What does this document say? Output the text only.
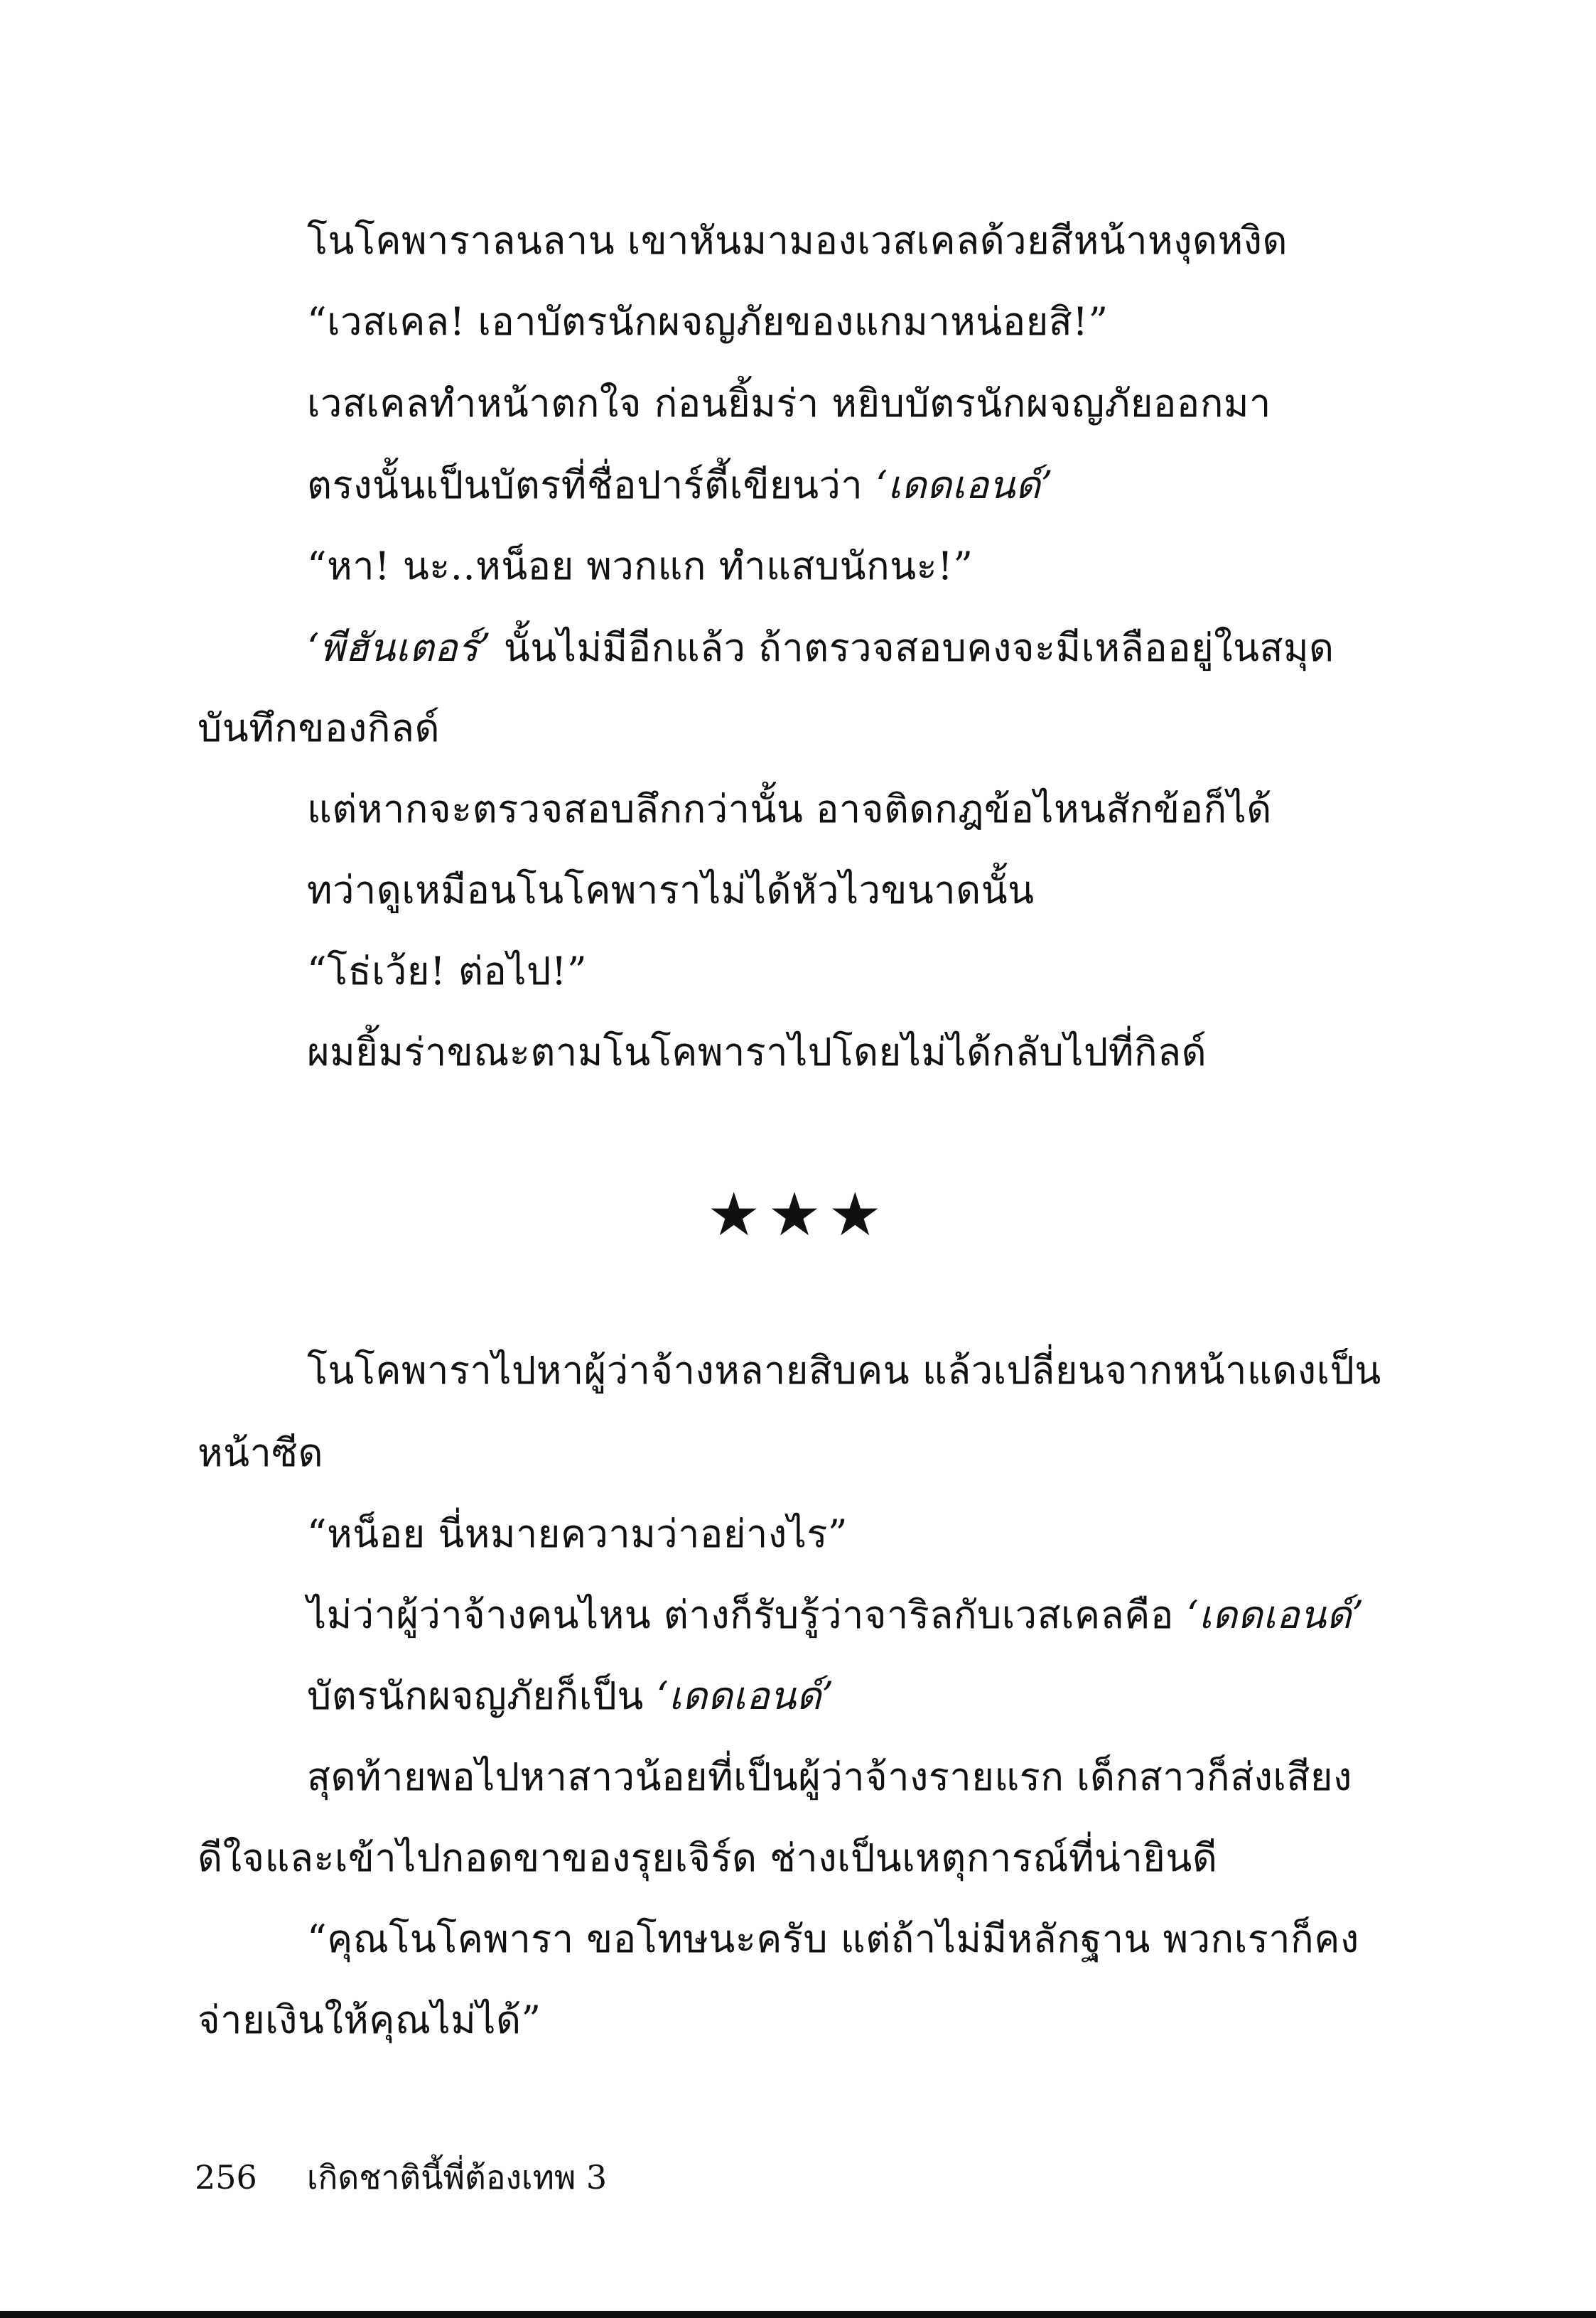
โนโคพาราลนลาน เขาหันมามองเวสเคลด้วยสีหน้าหงุดหงิด
“เวสเคล! เอาบัตรนักผจญภัยของแกมาหน่อยสิ!”
เวสเคลทำหน้าตกใจ ก่อนยิ้มร่า หยิบบัตรนักผจญภัยออกมา
ตรงนั้นเป็นบัตรที่ชื่อปาร์ตี้เขียนว่า ‘เดดเอนด์’
“หา! นะ..หน็อย พวกแก ทำแสบนักนะ!”
‘พีฮันเตอร์’ นั้นไม่มีอีกแล้ว ถ้าตรวจสอบคงจะมีเหลืออยู่ในสมุด
บันทึกของกิลด์
แต่หากจะตรวจสอบลึกกว่านั้น อาจติดกฎข้อไหนสักข้อก็ได้
ทว่าดูเหมือนโนโคพาราไม่ได้หัวไวขนาดนั้น
“โธ่เว้ย! ต่อไป!”
ผมยิ้มร่าขณะตามโนโคพาราไปโดยไม่ได้กลับไปที่กิลด์
★★★
โนโคพาราไปหาผู้ว่าจ้างหลายสิบคน แล้วเปลี่ยนจากหน้าแดงเป็น
หน้าซีด
“หน็อย นี่หมายความว่าอย่างไร”
ไม่ว่าผู้ว่าจ้างคนไหน ต่างก็รับรู้ว่าจาริลกับเวสเคลคือ ‘เดดเอนด์’
บัตรนักผจญภัยก็เป็น ‘เดดเอนด์’
สุดท้ายพอไปหาสาวน้อยที่เป็นผู้ว่าจ้างรายแรก เด็กสาวก็ส่งเสียง
ดีใจและเข้าไปกอดขาของรุยเจิร์ด ช่างเป็นเหตุการณ์ที่น่ายินดี
“คุณโนโคพารา ขอโทษนะครับ แต่ถ้าไม่มีหลักฐาน พวกเราก็คง
จ่ายเงินให้คุณไม่ได้”
256 เกิดชาตินี้พี่ต้องเทพ 3
